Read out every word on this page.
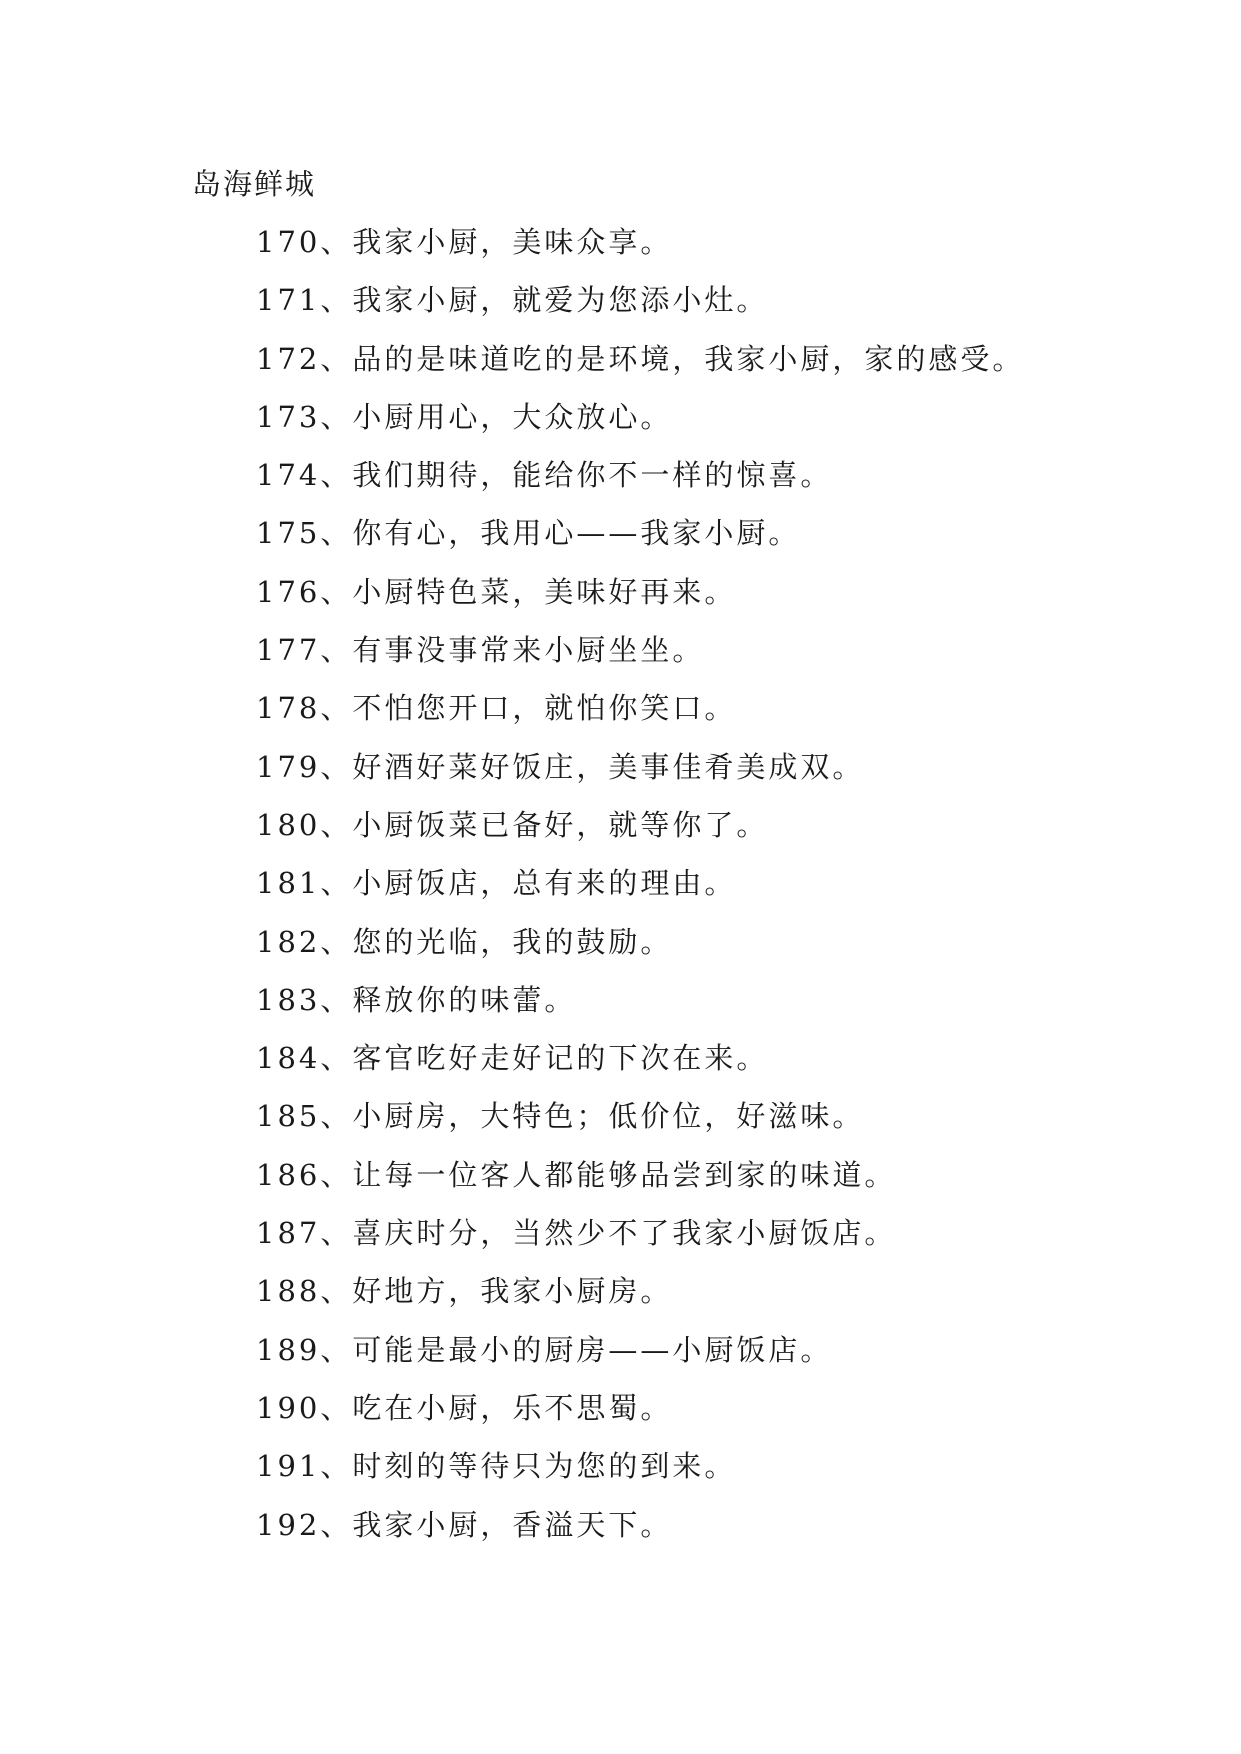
岛海鲜城
170、我家小厨，美味众享。
171、我家小厨，就爱为您添小灶。
172、品的是味道吃的是环境，我家小厨，家的感受。
173、小厨用心，大众放心。
174、我们期待，能给你不一样的惊喜。
175、你有心，我用心——我家小厨。
176、小厨特色菜，美味好再来。
177、有事没事常来小厨坐坐。
178、不怕您开口，就怕你笑口。
179、好酒好菜好饭庄，美事佳肴美成双。
180、小厨饭菜已备好，就等你了。
181、小厨饭店，总有来的理由。
182、您的光临，我的鼓励。
183、释放你的味蕾。
184、客官吃好走好记的下次在来。
185、小厨房，大特色；低价位，好滋味。
186、让每一位客人都能够品尝到家的味道。
187、喜庆时分，当然少不了我家小厨饭店。
188、好地方，我家小厨房。
189、可能是最小的厨房——小厨饭店。
190、吃在小厨，乐不思蜀。
191、时刻的等待只为您的到来。
192、我家小厨，香溢天下。
